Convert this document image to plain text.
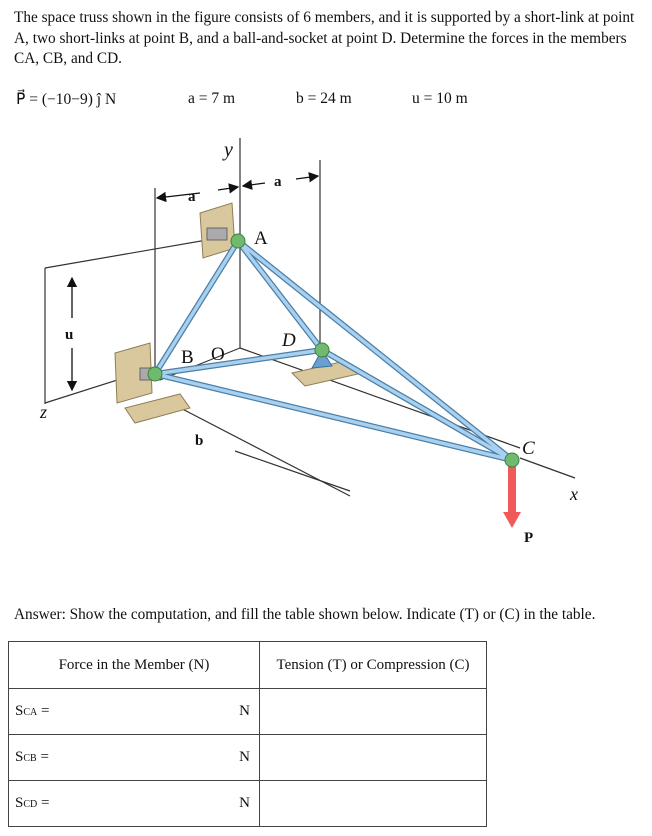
The space truss shown in the figure consists of 6 members, and it is supported by a short-link at point A, two short-links at point B, and a ball-and-socket at point D. Determine the forces in the members CA, CB, and CD.

P⃗ = (−10−9) ĵ N	a = 7 m	b = 24 m	u = 10 m
y
a
a
A
u
B O
D
z
b	C
x
P
Answer: Show the computation, and fill the table shown below. Indicate (T) or (C) in the table.
Force in the Member (N)	Tension (T) or Compression (C)

SCA = N	

SCB = N	

SCD = N	
